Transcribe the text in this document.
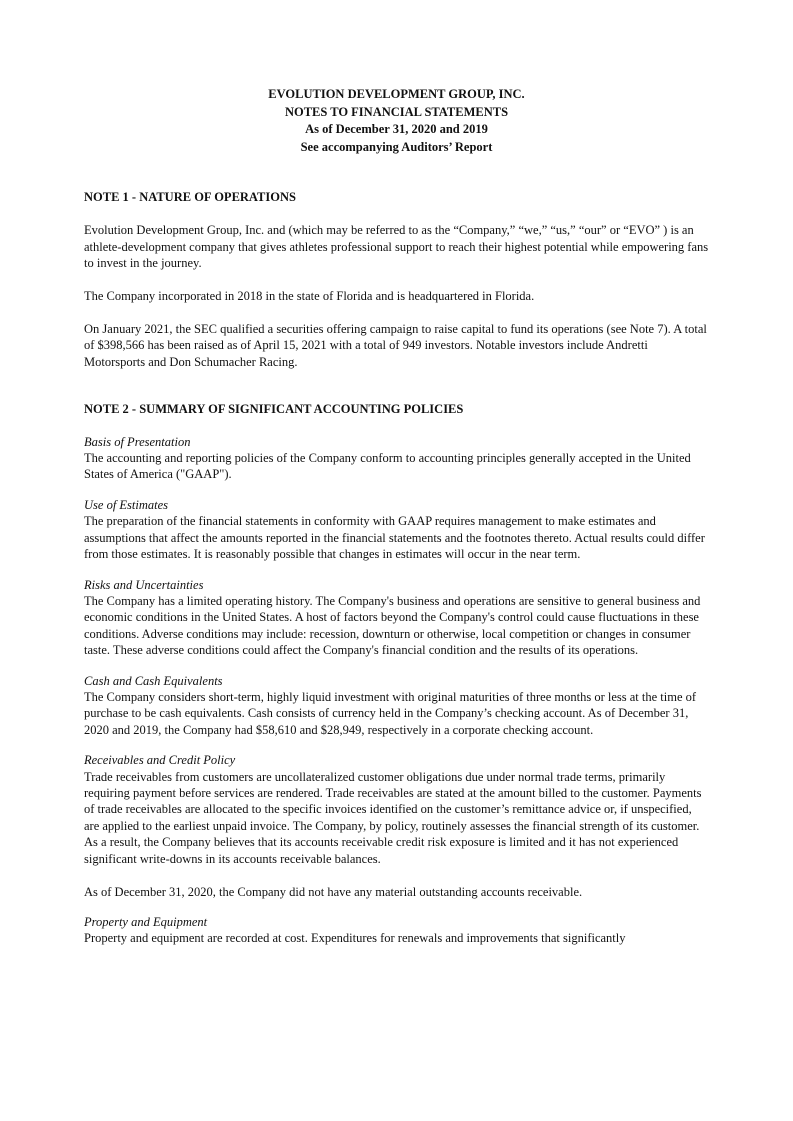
EVOLUTION DEVELOPMENT GROUP, INC.
NOTES TO FINANCIAL STATEMENTS
As of December 31, 2020 and 2019
See accompanying Auditors’ Report
NOTE 1 - NATURE OF OPERATIONS

Evolution Development Group, Inc. and (which may be referred to as the “Company,” “we,” “us,” “our” or “EVO” ) is an athlete-development company that gives athletes professional support to reach their highest potential while empowering fans to invest in the journey.

The Company incorporated in 2018 in the state of Florida and is headquartered in Florida.

On January 2021, the SEC qualified a securities offering campaign to raise capital to fund its operations (see Note 7). A total of $398,566 has been raised as of April 15, 2021 with a total of 949 investors. Notable investors include Andretti Motorsports and Don Schumacher Racing.

NOTE 2 - SUMMARY OF SIGNIFICANT ACCOUNTING POLICIES
Basis of Presentation

The accounting and reporting policies of the Company conform to accounting principles generally accepted in the United States of America ("GAAP").

Use of Estimates

The preparation of the financial statements in conformity with GAAP requires management to make estimates and assumptions that affect the amounts reported in the financial statements and the footnotes thereto. Actual results could differ from those estimates. It is reasonably possible that changes in estimates will occur in the near term.

Risks and Uncertainties

The Company has a limited operating history. The Company's business and operations are sensitive to general business and economic conditions in the United States. A host of factors beyond the Company's control could cause fluctuations in these conditions. Adverse conditions may include: recession, downturn or otherwise, local competition or changes in consumer taste. These adverse conditions could affect the Company's financial condition and the results of its operations.

Cash and Cash Equivalents

The Company considers short-term, highly liquid investment with original maturities of three months or less at the time of purchase to be cash equivalents. Cash consists of currency held in the Company’s checking account. As of December 31, 2020 and 2019, the Company had $58,610 and $28,949, respectively in a corporate checking account.

Receivables and Credit Policy

Trade receivables from customers are uncollateralized customer obligations due under normal trade terms, primarily requiring payment before services are rendered. Trade receivables are stated at the amount billed to the customer. Payments of trade receivables are allocated to the specific invoices identified on the customer’s remittance advice or, if unspecified, are applied to the earliest unpaid invoice. The Company, by policy, routinely assesses the financial strength of its customer. As a result, the Company believes that its accounts receivable credit risk exposure is limited and it has not experienced significant write-downs in its accounts receivable balances.

As of December 31, 2020, the Company did not have any material outstanding accounts receivable.

Property and Equipment

Property and equipment are recorded at cost. Expenditures for renewals and improvements that significantly
